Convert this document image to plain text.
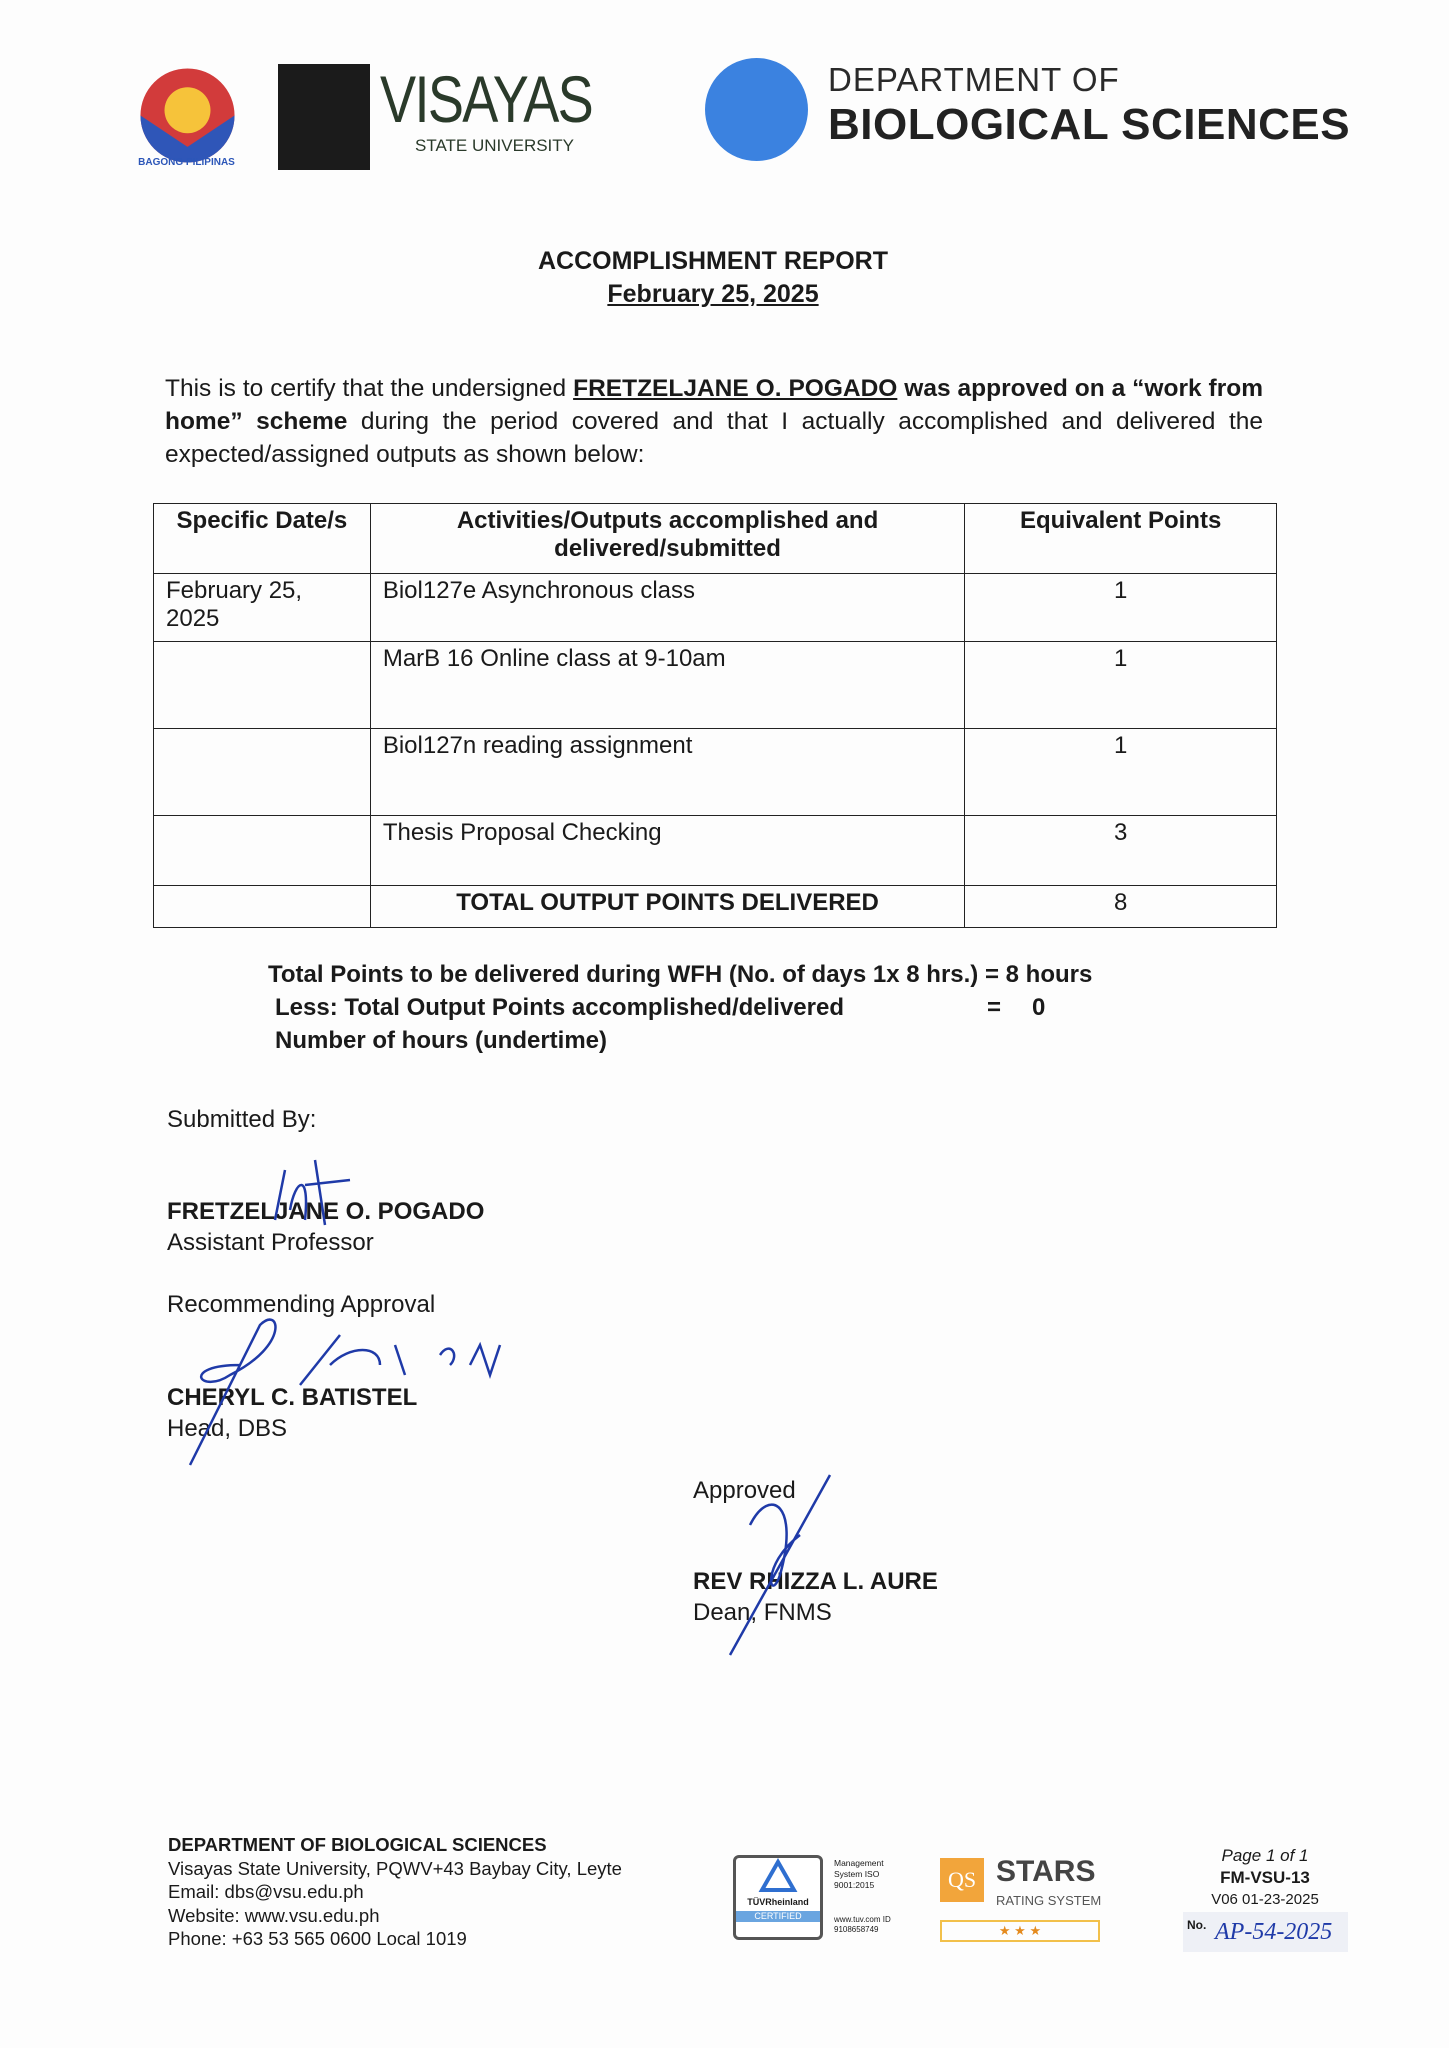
BAGONG PILIPINAS
VISAYAS
STATE UNIVERSITY
DEPARTMENT OF
BIOLOGICAL SCIENCES
ACCOMPLISHMENT REPORT
February 25, 2025
This is to certify that the undersigned FRETZELJANE O. POGADO was approved on a “work from home” scheme during the period covered and that I actually accomplished and delivered the expected/assigned outputs as shown below:
Specific Date/s	Activities/Outputs accomplished and delivered/submitted	Equivalent Points
February 25, 2025	Biol127e Asynchronous class	1
	MarB 16 Online class at 9-10am	1
	Biol127n reading assignment	1
	Thesis Proposal Checking	3
	TOTAL OUTPUT POINTS DELIVERED	8
Total Points to be delivered during WFH (No. of days 1x 8 hrs.) = 8 hours
Less: Total Output Points accomplished/delivered	= 0
Number of hours (undertime)
Submitted By:
FRETZELJANE O. POGADO
Assistant Professor
Recommending Approval
CHERYL C. BATISTEL
Head, DBS
Approved
REV RHIZZA L. AURE
Dean, FNMS
DEPARTMENT OF BIOLOGICAL SCIENCES
Visayas State University, PQWV+43 Baybay City, Leyte
Email: dbs@vsu.edu.ph
Website: www.vsu.edu.ph
Phone: +63 53 565 0600 Local 1019
TÜVRheinland
CERTIFIED
Management System ISO 9001:2015
www.tuv.com ID 9108658749
QS STARS
RATING SYSTEM
★ ★ ★
Page 1 of 1
FM-VSU-13
V06 01-23-2025
No. AP-54-2025
